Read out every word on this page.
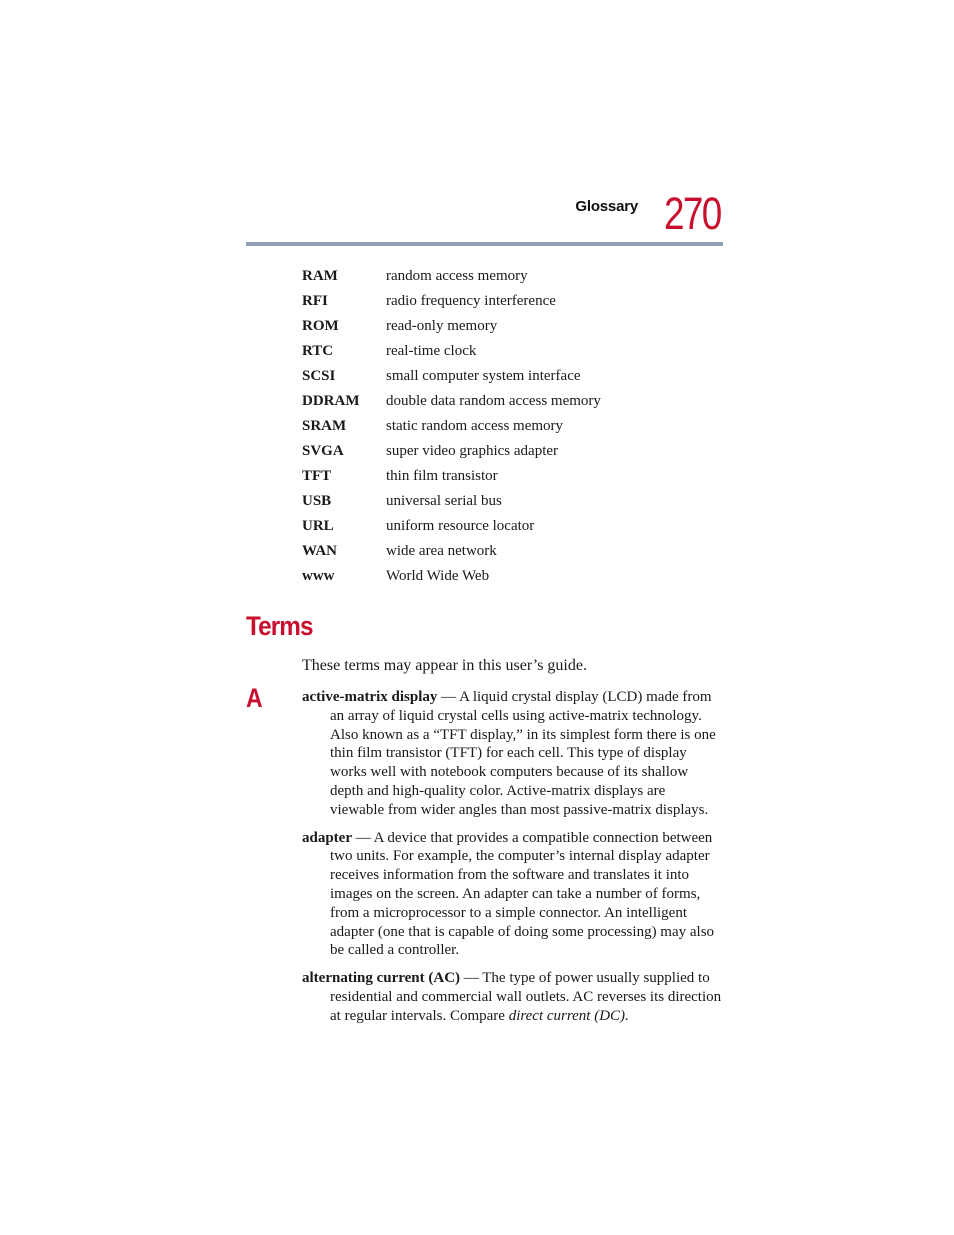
Glossary 270
RAM	random access memory
RFI	radio frequency interference
ROM	read-only memory
RTC	real-time clock
SCSI	small computer system interface
DDRAM	double data random access memory
SRAM	static random access memory
SVGA	super video graphics adapter
TFT	thin film transistor
USB	universal serial bus
URL	uniform resource locator
WAN	wide area network
www	World Wide Web
Terms

These terms may appear in this user’s guide.

A	active-matrix display — A liquid crystal display (LCD) made from an array of liquid crystal cells using active-matrix technology. Also known as a “TFT display,” in its simplest form there is one thin film transistor (TFT) for each cell. This type of display works well with notebook computers because of its shallow depth and high-quality color. Active-matrix displays are viewable from wider angles than most passive-matrix displays.

adapter — A device that provides a compatible connection between two units. For example, the computer’s internal display adapter receives information from the software and translates it into images on the screen. An adapter can take a number of forms, from a microprocessor to a simple connector. An intelligent adapter (one that is capable of doing some processing) may also be called a controller.

alternating current (AC) — The type of power usually supplied to residential and commercial wall outlets. AC reverses its direction at regular intervals. Compare direct current (DC).
